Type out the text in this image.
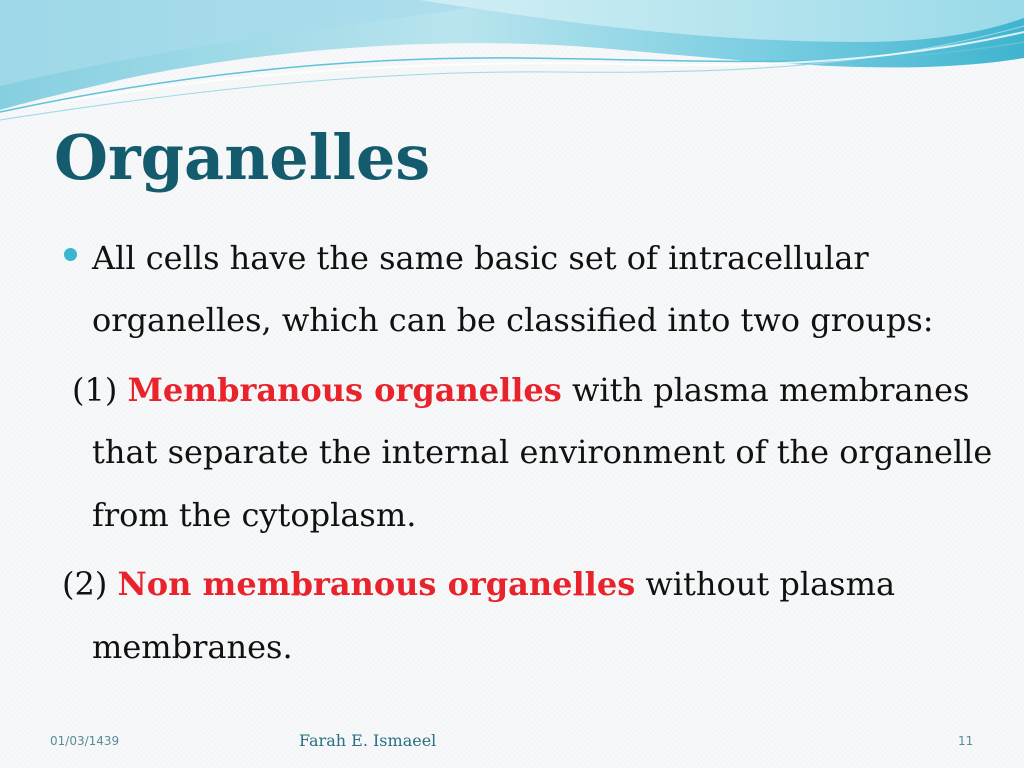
Organelles

All cells have the same basic set of intracellular

organelles, which can be classified into two groups:

(1) Membranous organelles with plasma membranes

that separate the internal environment of the organelle

from the cytoplasm.

(2) Non membranous organelles without plasma

membranes.

01/03/1439	Farah E. Ismaeel	11
